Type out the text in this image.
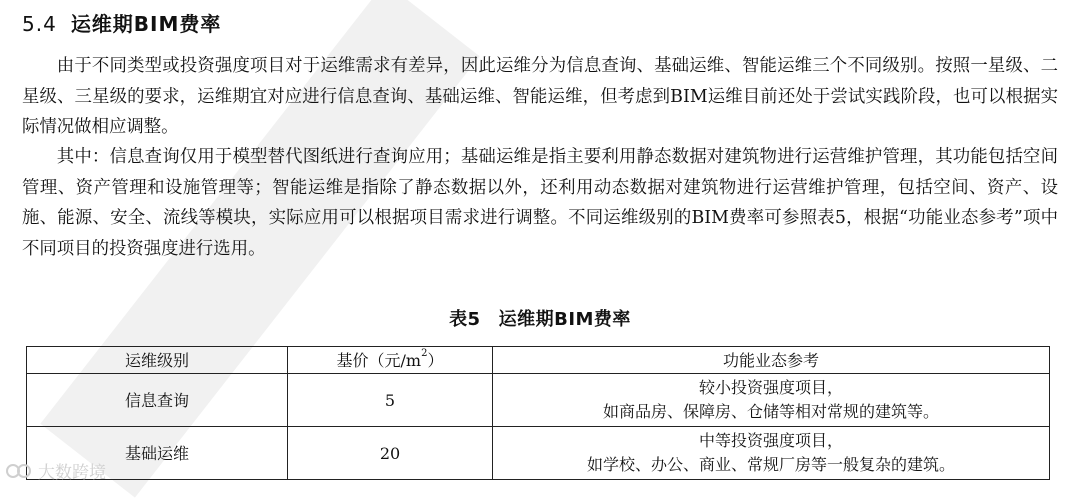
5.4 运维期BIM费率

由于不同类型或投资强度项目对于运维需求有差异，因此运维分为信息查询、基础运维、智能运维三个不同级别。按照一星级、二星级、三星级的要求，运维期宜对应进行信息查询、基础运维、智能运维，但考虑到BIM运维目前还处于尝试实践阶段，也可以根据实际情况做相应调整。

其中：信息查询仅用于模型替代图纸进行查询应用；基础运维是指主要利用静态数据对建筑物进行运营维护管理，其功能包括空间管理、资产管理和设施管理等；智能运维是指除了静态数据以外，还利用动态数据对建筑物进行运营维护管理，包括空间、资产、设施、能源、安全、流线等模块，实际应用可以根据项目需求进行调整。不同运维级别的BIM费率可参照表5，根据“功能业态参考”项中不同项目的投资强度进行选用。

表5 运维期BIM费率
运维级别	基价（元$/m^2$）	功能业态参考
信息查询	5	较小投资强度项目，
如商品房、保障房、仓储等相对常规的建筑等。

基础运维	20	中等投资强度项目，
如学校、办公、商业、常规厂房等一般复杂的建筑。
大数跨境
